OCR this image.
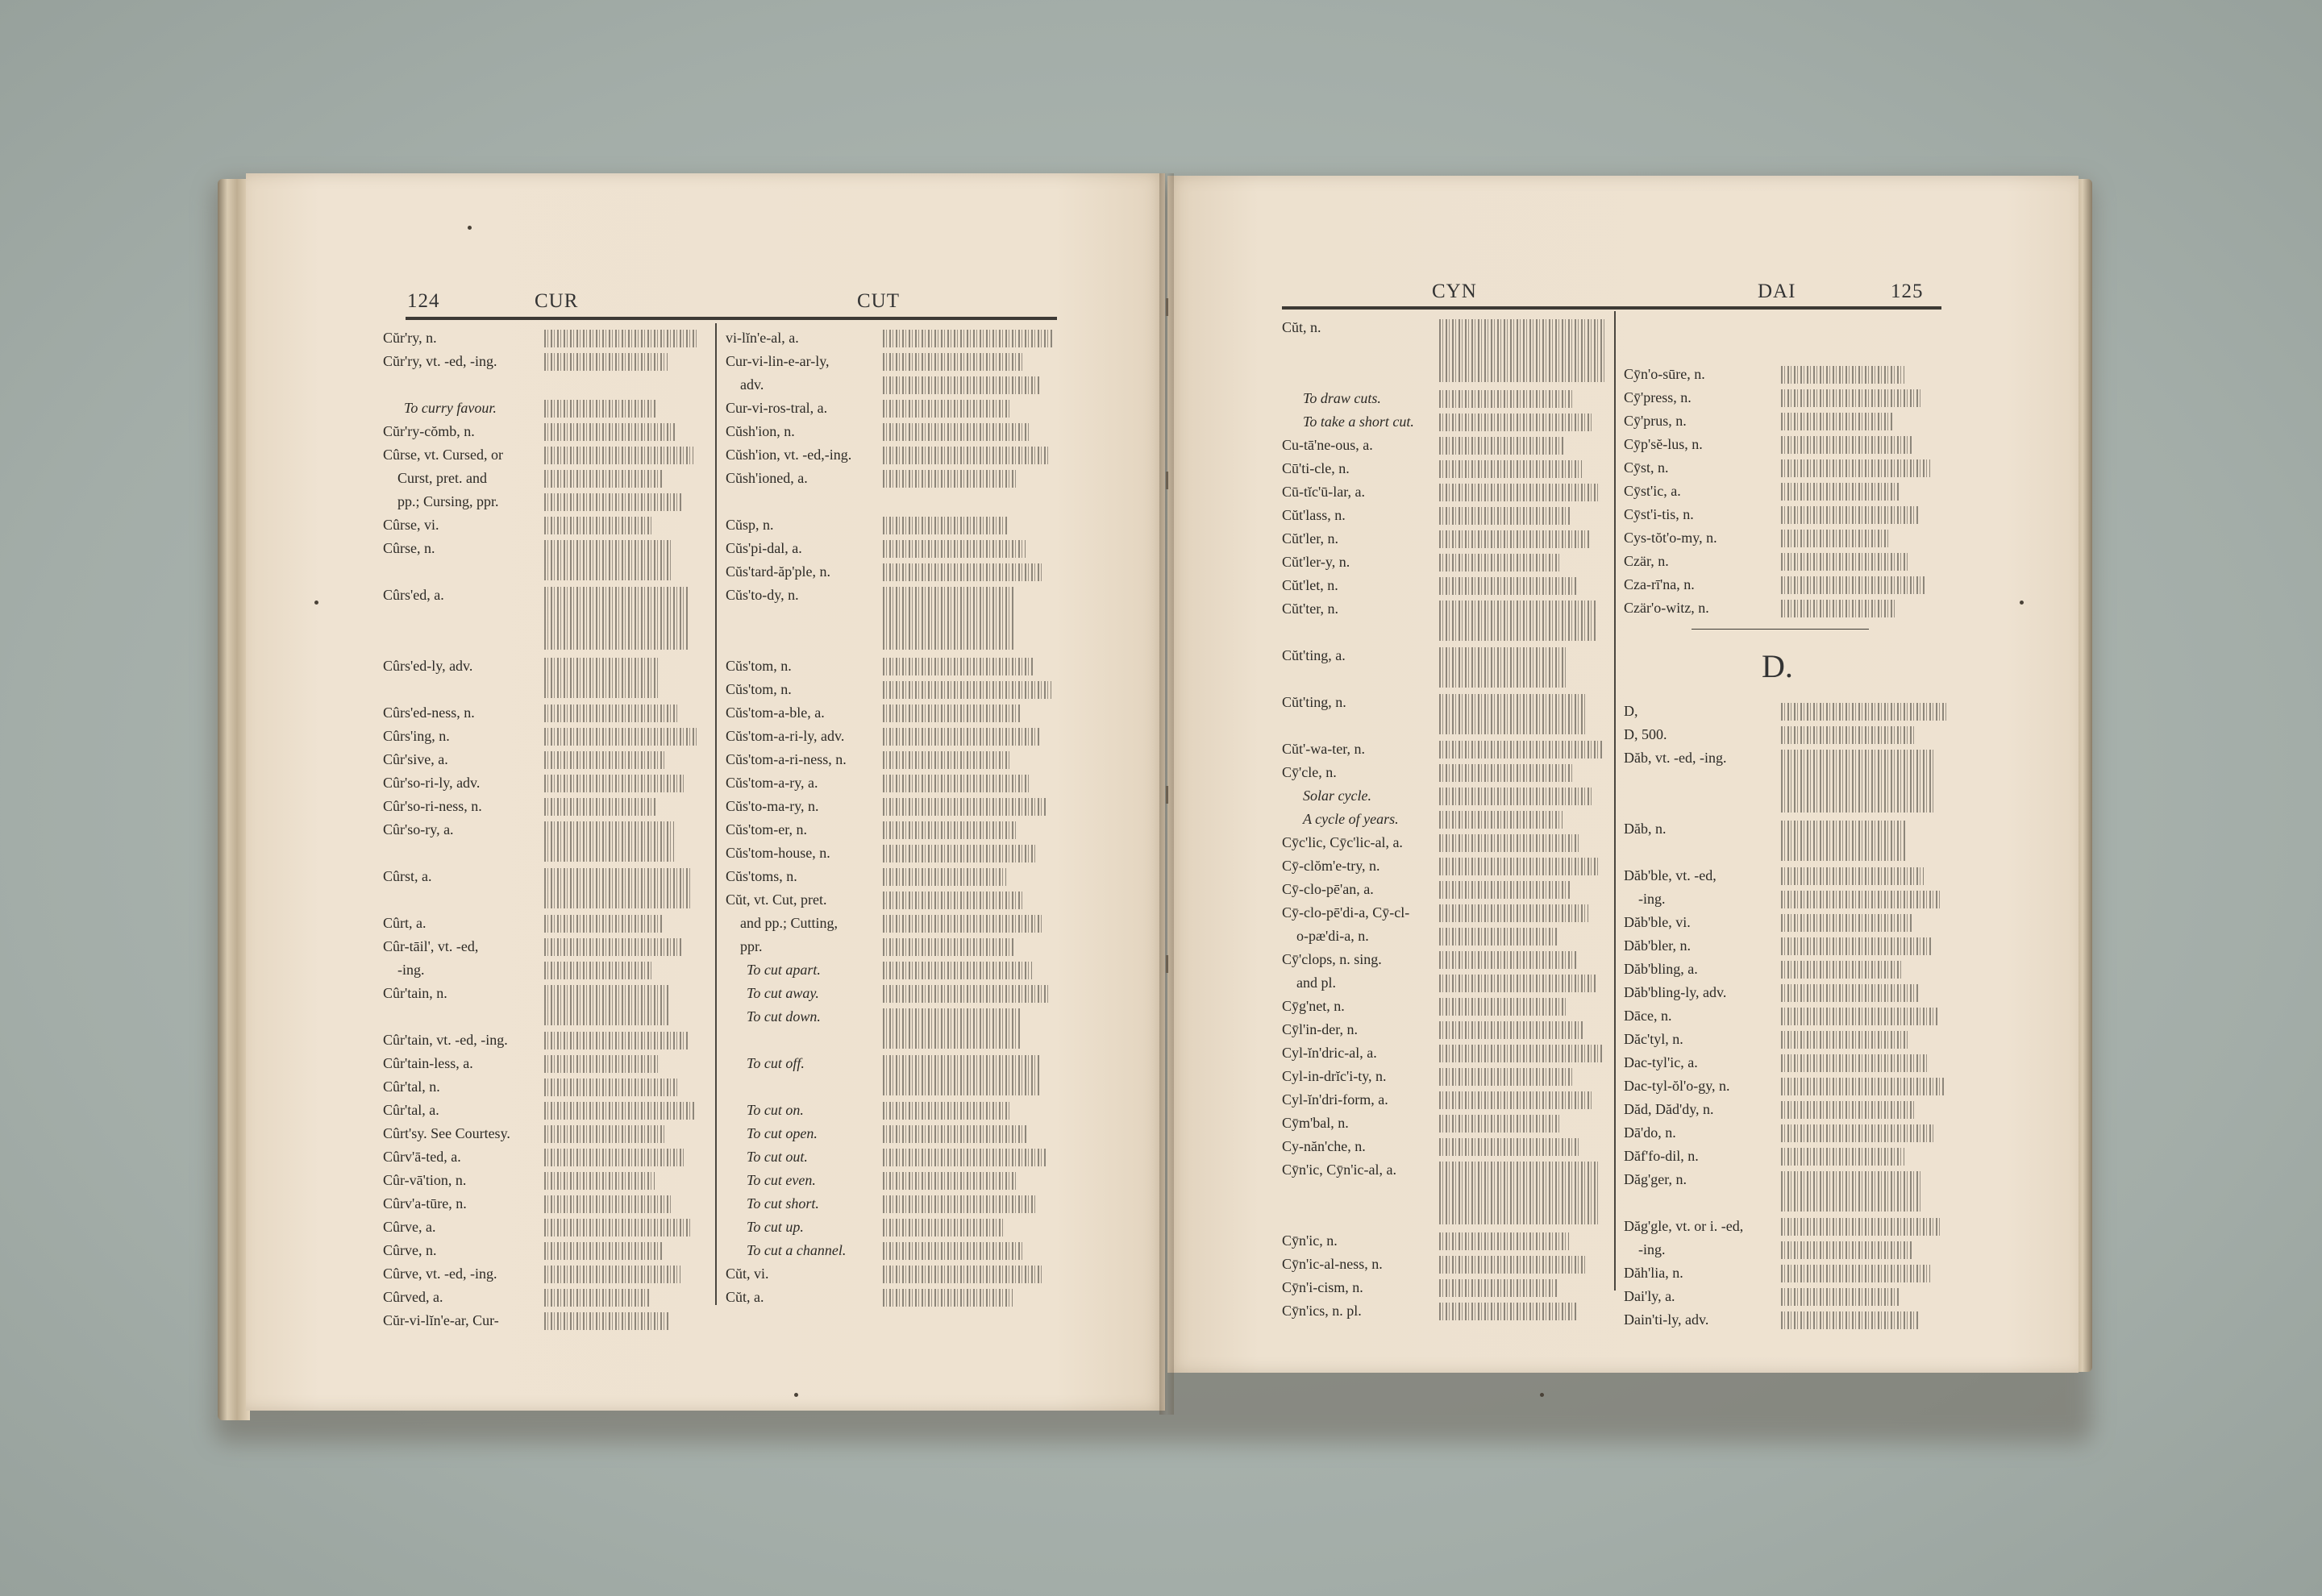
124	CUR	CUT
Cŭr'ry, n.
Cŭr'ry, vt. -ed, -ing.
To curry favour.
Cŭr'ry-cŏmb, n.
Cûrse, vt. Cursed, or
Curst, pret. and
pp.; Cursing, ppr.
Cûrse, vi.
Cûrse, n.
Cûrs'ed, a.
Cûrs'ed-ly, adv.
Cûrs'ed-ness, n.
Cûrs'ing, n.
Cûr'sive, a.
Cûr'so-ri-ly, adv.
Cûr'so-ri-ness, n.
Cûr'so-ry, a.
Cûrst, a.
Cûrt, a.
Cûr-tāil', vt. -ed,
-ing.
Cûr'tain, n.
Cûr'tain, vt. -ed, -ing.
Cûr'tain-less, a.
Cûr'tal, n.
Cûr'tal, a.
Cûrt'sy. See Courtesy.
Cûrv'ā-ted, a.
Cûr-vā'tion, n.
Cûrv'a-tūre, n.
Cûrve, a.
Cûrve, n.
Cûrve, vt. -ed, -ing.
Cûrved, a.
Cŭr-vi-lĭn'e-ar, Cur-
vi-lĭn'e-al, a.
Cur-vi-lin-e-ar-ly,
adv.
Cur-vi-ros-tral, a.
Cŭsh'ion, n.
Cŭsh'ion, vt. -ed,-ing.
Cŭsh'ioned, a.
Cŭsp, n.
Cŭs'pi-dal, a.
Cŭs'tard-ăp'ple, n.
Cŭs'to-dy, n.
Cŭs'tom, n.
Cŭs'tom, n.
Cŭs'tom-a-ble, a.
Cŭs'tom-a-ri-ly, adv.
Cŭs'tom-a-ri-ness, n.
Cŭs'tom-a-ry, a.
Cŭs'to-ma-ry, n.
Cŭs'tom-er, n.
Cŭs'tom-house, n.
Cŭs'toms, n.
Cŭt, vt. Cut, pret.
and pp.; Cutting,
ppr.
To cut apart.
To cut away.
To cut down.
To cut off.
To cut on.
To cut open.
To cut out.
To cut even.
To cut short.
To cut up.
To cut a channel.
Cŭt, vi.
Cŭt, a.
CYN	DAI	125
Cŭt, n.
To draw cuts.
To take a short cut.
Cu-tā'ne-ous, a.
Cū'ti-cle, n.
Cū-tĭc'ū-lar, a.
Cŭt'lass, n.
Cŭt'ler, n.
Cŭt'ler-y, n.
Cŭt'let, n.
Cŭt'ter, n.
Cŭt'ting, a.
Cŭt'ting, n.
Cŭt'-wa-ter, n.
Cȳ'cle, n.
Solar cycle.
A cycle of years.
Cȳc'lic, Cȳc'lic-al, a.
Cȳ-clŏm'e-try, n.
Cȳ-clo-pē'an, a.
Cȳ-clo-pē'di-a, Cȳ-cl-
o-pæ'di-a, n.
Cȳ'clops, n. sing.
and pl.
Cȳg'net, n.
Cȳl'in-der, n.
Cyl-ĭn'dric-al, a.
Cyl-in-drĭc'i-ty, n.
Cyl-ĭn'dri-form, a.
Cȳm'bal, n.
Cy-năn'che, n.
Cȳn'ic, Cȳn'ic-al, a.
Cȳn'ic, n.
Cȳn'ic-al-ness, n.
Cȳn'i-cism, n.
Cȳn'ics, n. pl.
Cȳn'o-sūre, n.
Cȳ'press, n.
Cȳ'prus, n.
Cȳp'sĕ-lus, n.
Cȳst, n.
Cȳst'ic, a.
Cȳst'i-tis, n.
Cys-tŏt'o-my, n.
Czär, n.
Cza-rī'na, n.
Czär'o-witz, n.
D.
D,
D, 500.
Dăb, vt. -ed, -ing.
Dăb, n.
Dăb'ble, vt. -ed,
-ing.
Dăb'ble, vi.
Dăb'bler, n.
Dăb'bling, a.
Dăb'bling-ly, adv.
Dāce, n.
Dăc'tyl, n.
Dac-tyl'ic, a.
Dac-tyl-ŏl'o-gy, n.
Dăd, Dăd'dy, n.
Dā'do, n.
Dăf'fo-dil, n.
Dăg'ger, n.
Dăg'gle, vt. or i. -ed,
-ing.
Dăh'lia, n.
Dai'ly, a.
Dain'ti-ly, adv.
